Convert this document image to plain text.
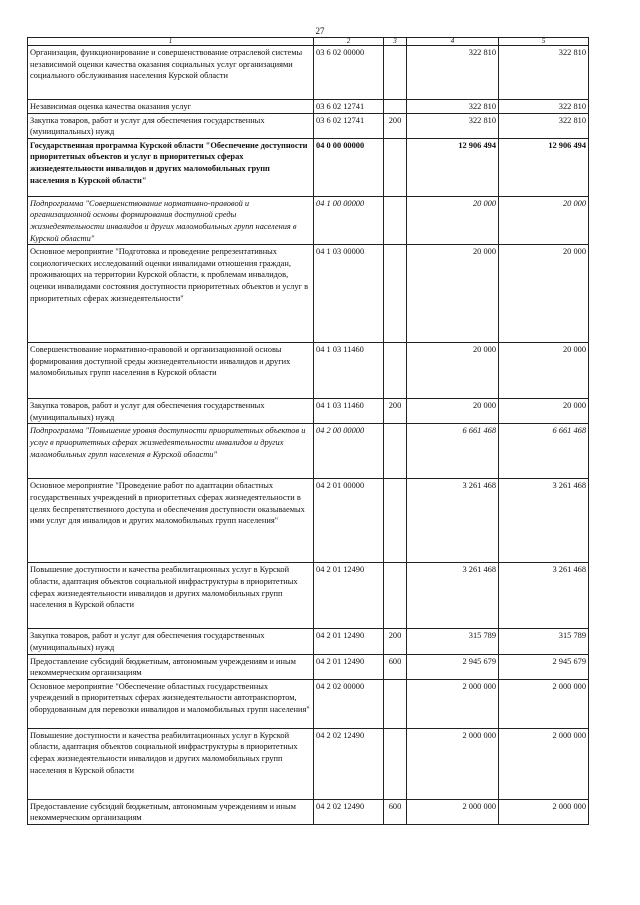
27
1	2	3	4	5
Организация, функционирование и совершенствование отраслевой системы независимой оценки качества оказания социальных услуг организациями социального обслуживания населения Курской области	03 6 02 00000		322 810	322 810
Независимая оценка качества оказания услуг	03 6 02 12741		322 810	322 810
Закупка товаров, работ и услуг для обеспечения государственных (муниципальных) нужд	03 6 02 12741	200	322 810	322 810
Государственная программа Курской области "Обеспечение доступности приоритетных объектов и услуг в приоритетных сферах жизнедеятельности инвалидов и других маломобильных групп населения в Курской области"	04 0 00 00000		12 906 494	12 906 494
Подпрограмма "Совершенствование нормативно-правовой и организационной основы формирования доступной среды жизнедеятельности инвалидов и других маломобильных групп населения в Курской области"	04 1 00 00000		20 000	20 000
Основное мероприятие "Подготовка и проведение репрезентативных социологических исследований оценки инвалидами отношения граждан, проживающих на территории Курской области, к проблемам инвалидов, оценки инвалидами состояния доступности приоритетных объектов и услуг в приоритетных сферах жизнедеятельности"	04 1 03 00000		20 000	20 000
Совершенствование нормативно-правовой и организационной основы формирования доступной среды жизнедеятельности инвалидов и других маломобильных групп населения в Курской области	04 1 03 11460		20 000	20 000
Закупка товаров, работ и услуг для обеспечения государственных (муниципальных) нужд	04 1 03 11460	200	20 000	20 000
Подпрограмма "Повышение уровня доступности приоритетных объектов и услуг в приоритетных сферах жизнедеятельности инвалидов и других маломобильных групп населения в Курской области"	04 2 00 00000		6 661 468	6 661 468
Основное мероприятие "Проведение работ по адаптации областных государственных учреждений в приоритетных сферах жизнедеятельности в целях беспрепятственного доступа и обеспечения доступности оказываемых ими услуг для инвалидов и других маломобильных групп населения"	04 2 01 00000		3 261 468	3 261 468
Повышение доступности и качества реабилитационных услуг в Курской области, адаптация объектов социальной инфраструктуры в приоритетных сферах жизнедеятельности инвалидов и других маломобильных групп населения в Курской области	04 2 01 12490		3 261 468	3 261 468
Закупка товаров, работ и услуг для обеспечения государственных (муниципальных) нужд	04 2 01 12490	200	315 789	315 789
Предоставление субсидий бюджетным, автономным учреждениям и иным некоммерческим организациям	04 2 01 12490	600	2 945 679	2 945 679
Основное мероприятие "Обеспечение областных государственных учреждений в приоритетных сферах жизнедеятельности автотранспортом, оборудованным для перевозки инвалидов и маломобильных групп населения"	04 2 02 00000		2 000 000	2 000 000
Повышение доступности и качества реабилитационных услуг в Курской области, адаптация объектов социальной инфраструктуры в приоритетных сферах жизнедеятельности инвалидов и других маломобильных групп населения в Курской области	04 2 02 12490		2 000 000	2 000 000
Предоставление субсидий бюджетным, автономным учреждениям и иным некоммерческим организациям	04 2 02 12490	600	2 000 000	2 000 000
